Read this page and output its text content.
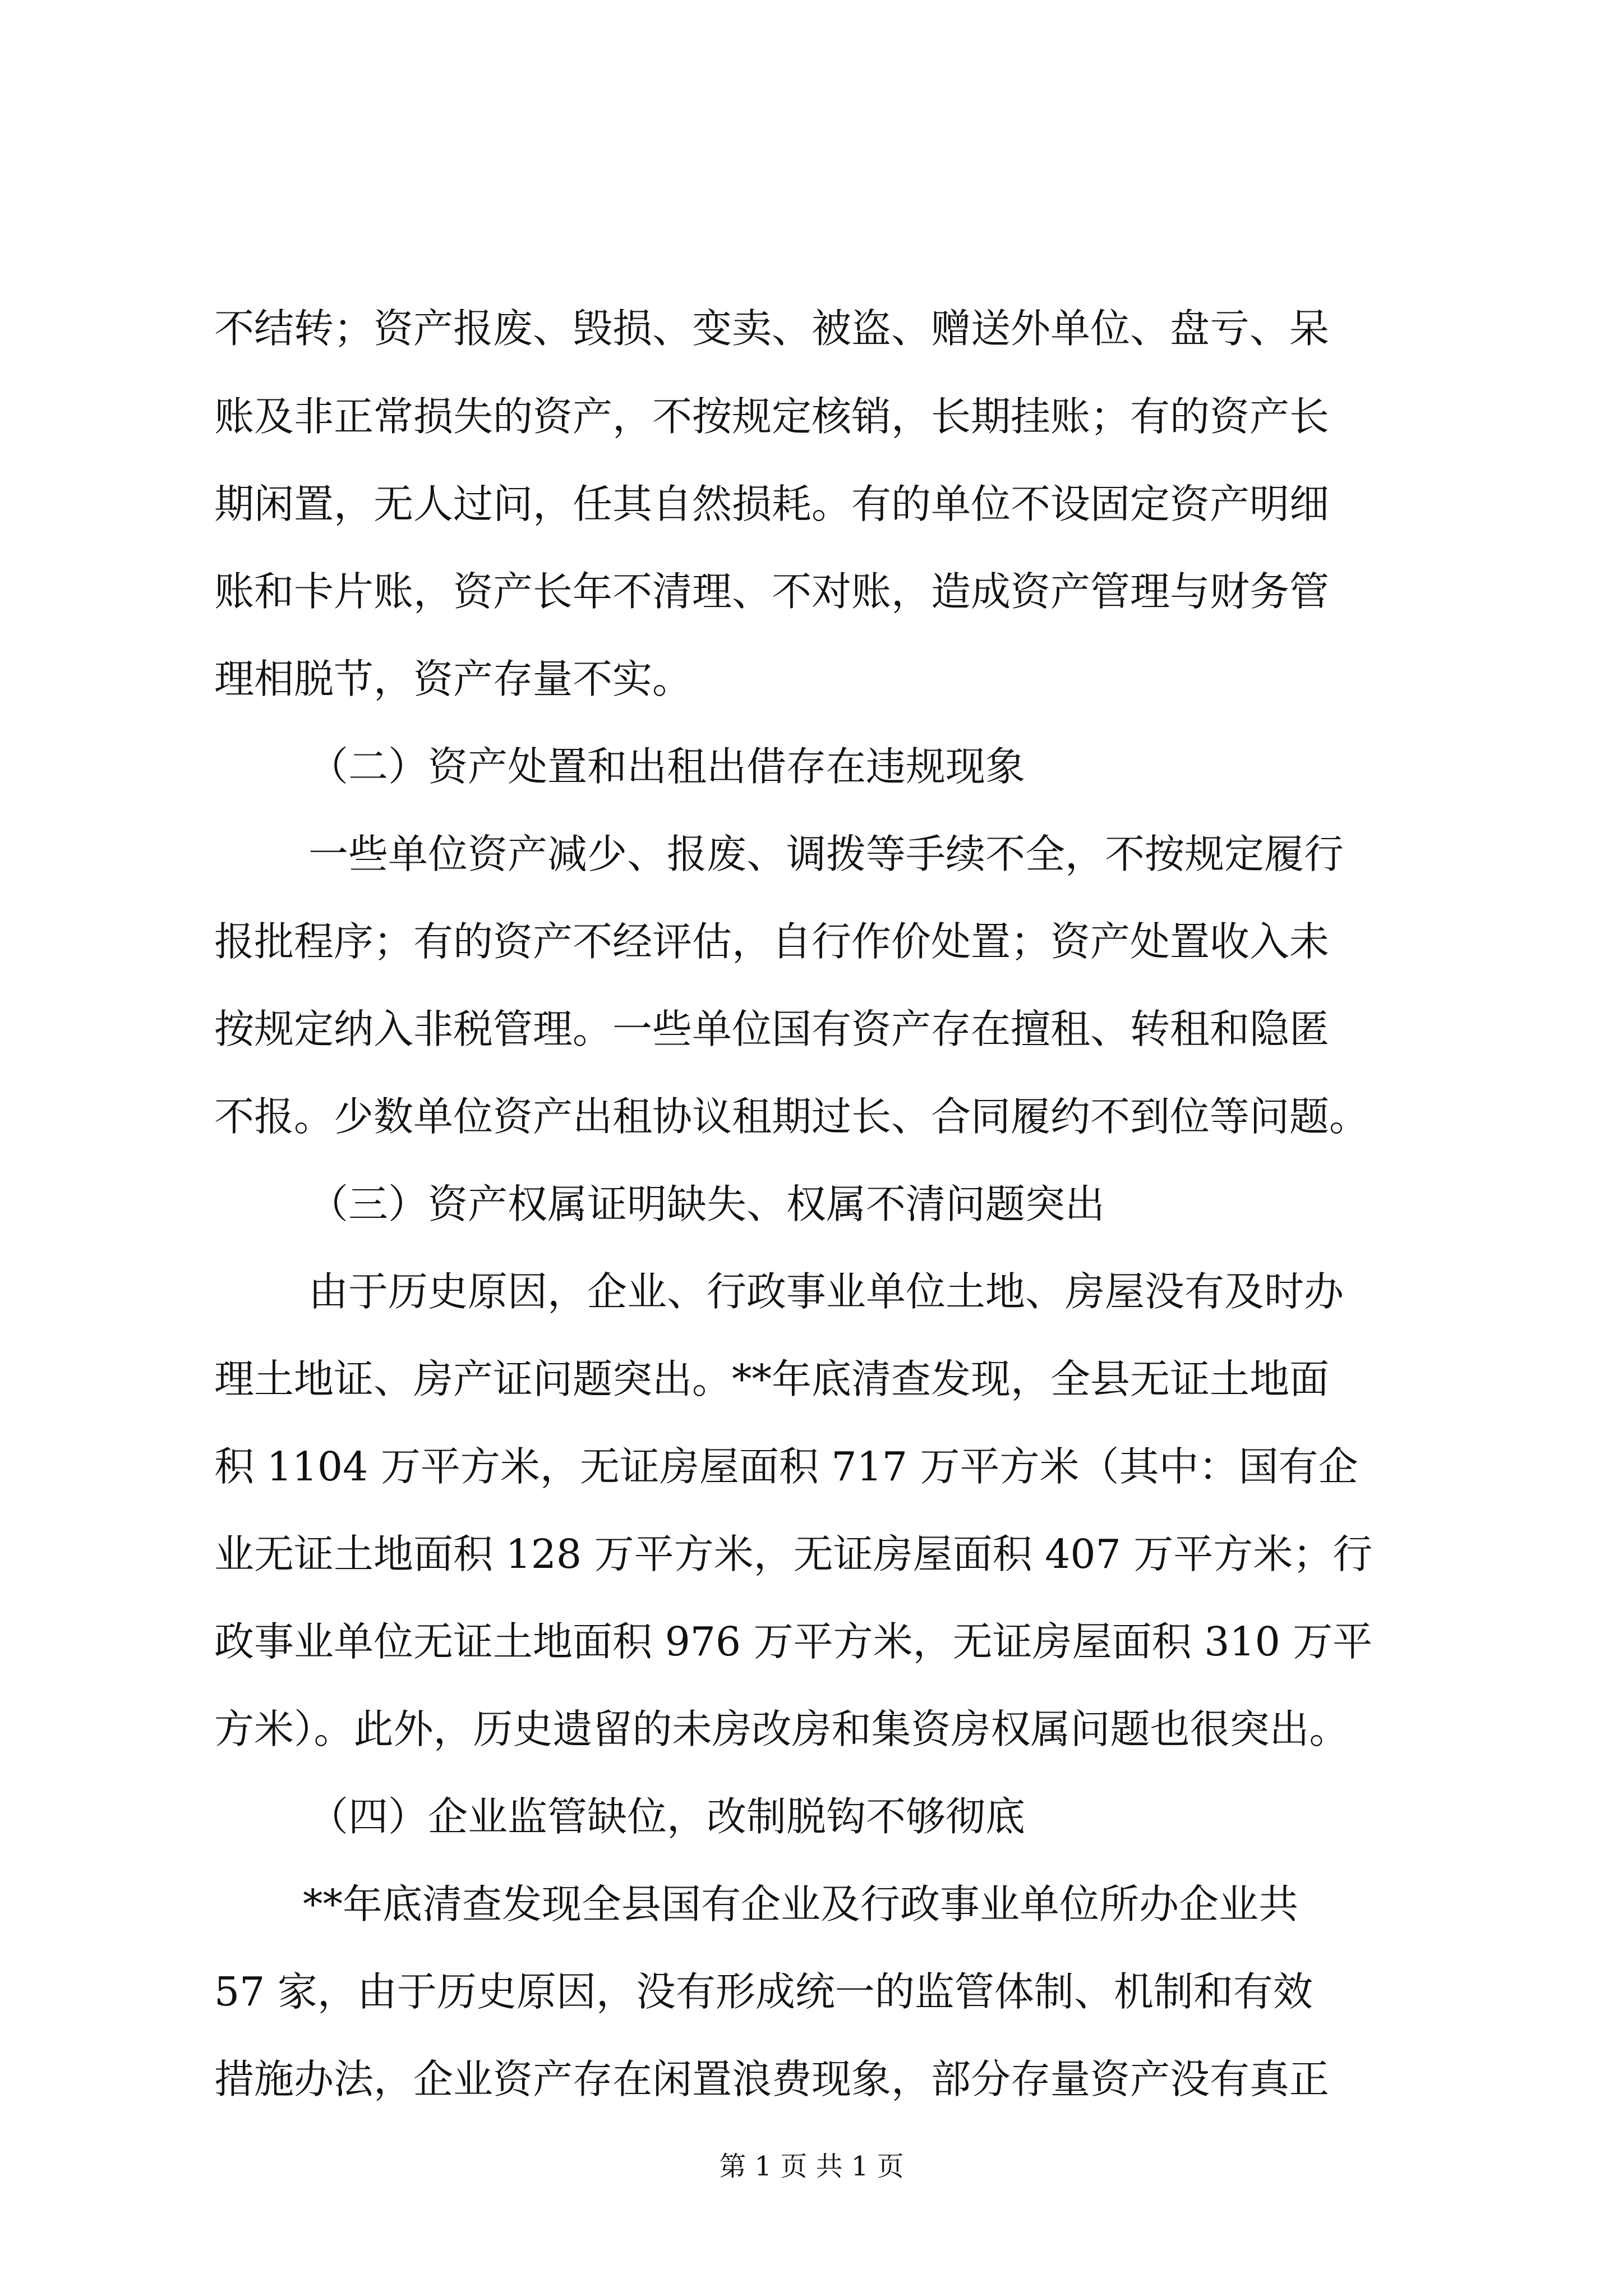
不结转；资产报废、毁损、变卖、被盗、赠送外单位、盘亏、呆
账及非正常损失的资产，不按规定核销，长期挂账；有的资产长
期闲置，无人过问，任其自然损耗。有的单位不设固定资产明细
账和卡片账，资产长年不清理、不对账，造成资产管理与财务管
理相脱节，资产存量不实。
（二）资产处置和出租出借存在违规现象
一些单位资产减少、报废、调拨等手续不全，不按规定履行
报批程序；有的资产不经评估，自行作价处置；资产处置收入未
按规定纳入非税管理。一些单位国有资产存在擅租、转租和隐匿
不报。少数单位资产出租协议租期过长、合同履约不到位等问题。
（三）资产权属证明缺失、权属不清问题突出
由于历史原因，企业、行政事业单位土地、房屋没有及时办
理土地证、房产证问题突出。**年底清查发现，全县无证土地面
积 1104 万平方米，无证房屋面积 717 万平方米（其中：国有企
业无证土地面积 128 万平方米，无证房屋面积 407 万平方米；行
政事业单位无证土地面积 976 万平方米，无证房屋面积 310 万平
方米）。此外，历史遗留的未房改房和集资房权属问题也很突出。
（四）企业监管缺位，改制脱钩不够彻底
**年底清查发现全县国有企业及行政事业单位所办企业共
57 家，由于历史原因，没有形成统一的监管体制、机制和有效
措施办法，企业资产存在闲置浪费现象，部分存量资产没有真正
第 1 页 共 1 页
